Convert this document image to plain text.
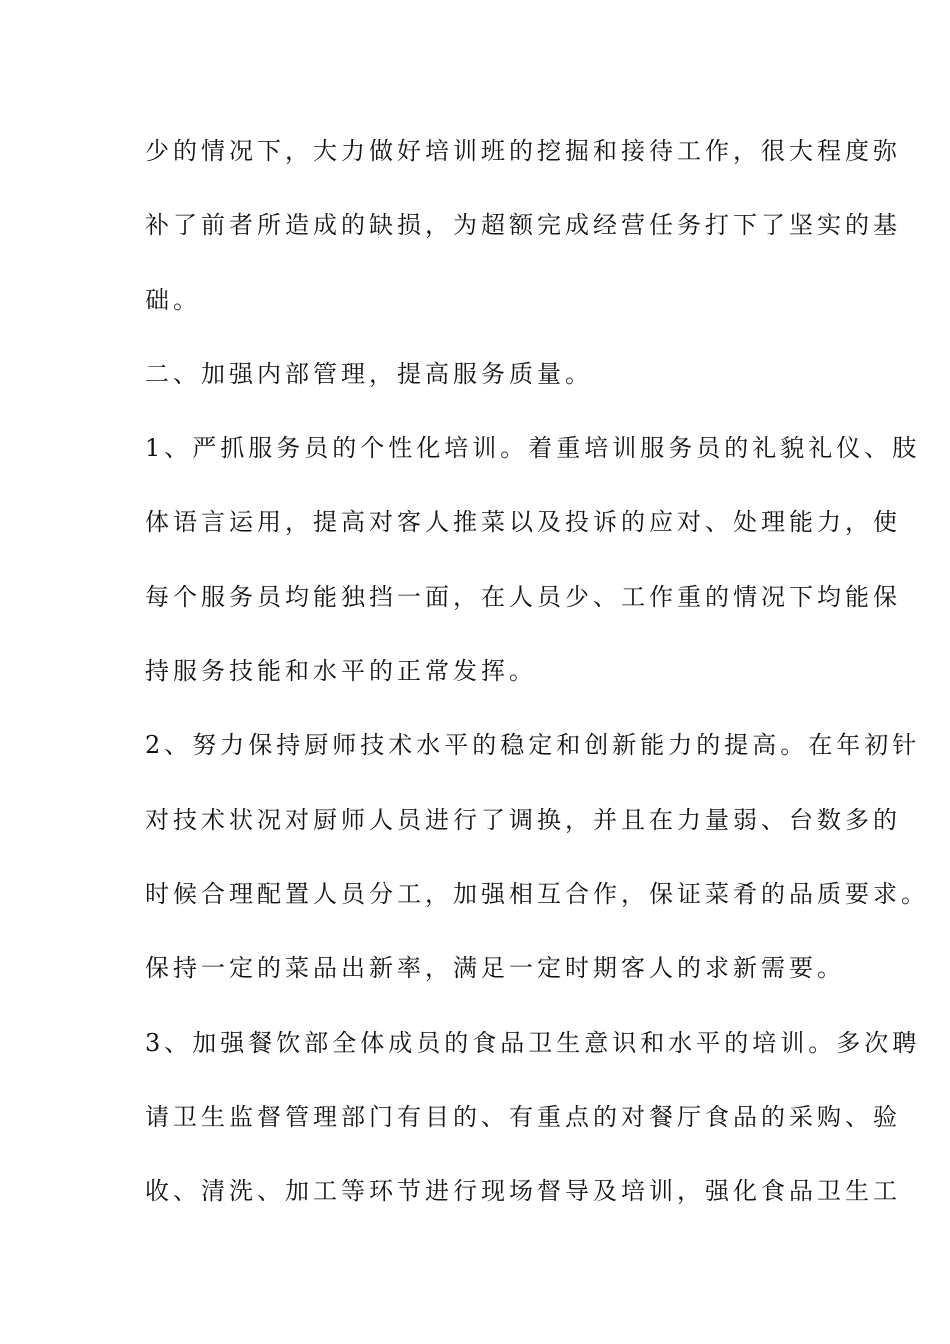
少的情况下，大力做好培训班的挖掘和接待工作，很大程度弥

补了前者所造成的缺损，为超额完成经营任务打下了坚实的基

础。

二、加强内部管理，提高服务质量。

1、严抓服务员的个性化培训。着重培训服务员的礼貌礼仪、肢

体语言运用，提高对客人推菜以及投诉的应对、处理能力，使

每个服务员均能独挡一面，在人员少、工作重的情况下均能保

持服务技能和水平的正常发挥。

2、努力保持厨师技术水平的稳定和创新能力的提高。在年初针

对技术状况对厨师人员进行了调换，并且在力量弱、台数多的

时候合理配置人员分工，加强相互合作，保证菜肴的品质要求。

保持一定的菜品出新率，满足一定时期客人的求新需要。

3、加强餐饮部全体成员的食品卫生意识和水平的培训。多次聘

请卫生监督管理部门有目的、有重点的对餐厅食品的采购、验

收、清洗、加工等环节进行现场督导及培训，强化食品卫生工
